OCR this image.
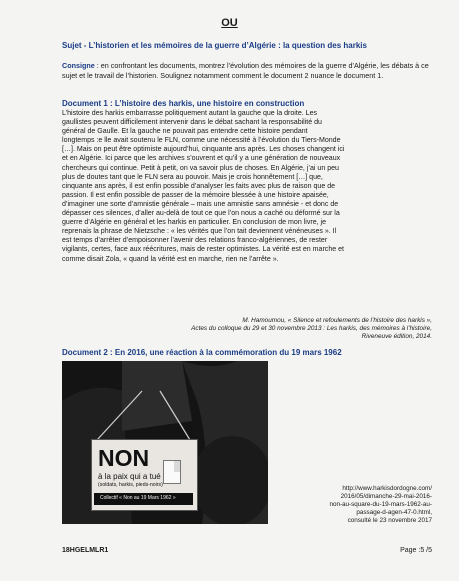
OU
Sujet - L’historien et les mémoires de la guerre d’Algérie : la question des harkis
Consigne : en confrontant les documents, montrez l’évolution des mémoires de la guerre d’Algérie, les débats à ce sujet et le travail de l’historien. Soulignez notamment comment le document 2 nuance le document 1.
Document 1 : L’histoire des harkis, une histoire en construction
L’histoire des harkis embarrasse politiquement autant la gauche que la droite. Les
gaullistes peuvent difficilement intervenir dans le débat sachant la responsabilité du
général de Gaulle. Et la gauche ne pouvait pas entendre cette histoire pendant
longtemps :e lle avait soutenu le FLN, comme une nécessité à l’évolution du Tiers-Monde
[…]. Mais on peut être optimiste aujourd’hui, cinquante ans après. Les choses changent ici
et en Algérie. Ici parce que les archives s’ouvrent et qu’il y a une génération de nouveaux
chercheurs qui continue. Petit à petit, on va savoir plus de choses. En Algérie, j’ai un peu
plus de doutes tant que le FLN sera au pouvoir. Mais je crois honnêtement […] que,
cinquante ans après, il est enfin possible d’analyser les faits avec plus de raison que de
passion. Il est enfin possible de passer de la mémoire blessée à une histoire apaisée,
d’imaginer une sorte d’amnistie générale – mais une amnistie sans amnésie - et donc de
dépasser ces silences, d’aller au-delà de tout ce que l’on nous a caché ou déformé sur la
guerre d’Algérie en général et les harkis en particulier. En conclusion de mon livre, je
reprenais la phrase de Nietzsche : « les vérités que l’on tait deviennent vénéneuses ». Il
est temps d’arrêter d’empoisonner l’avenir des relations franco-algériennes, de rester
vigilants, certes, face aux réécritures, mais de rester optimistes. La vérité est en marche et
comme disait Zola, « quand la vérité est en marche, rien ne l’arrête ».
M. Hamoumou, « Silence et refoulements de l’histoire des harkis »,
Actes du colloque du 29 et 30 novembre 2013 : Les harkis, des mémoires à l’histoire,
Riveneuve édition, 2014.
Document 2 : En 2016, une réaction à la commémoration du 19 mars 1962
NON
à la paix qui a tué
(soldats, harkis, pieds-noirs)
Collectif « Non au 19 Mars 1962 »
http://www.harkisdordogne.com/
2016/05/dimanche-29-mai-2016-
non-au-square-du-19-mars-1962-au-
passage-d-agen-47-0.html,
consulté le 23 novembre 2017
18HGELMLR1	Page :5 /5
